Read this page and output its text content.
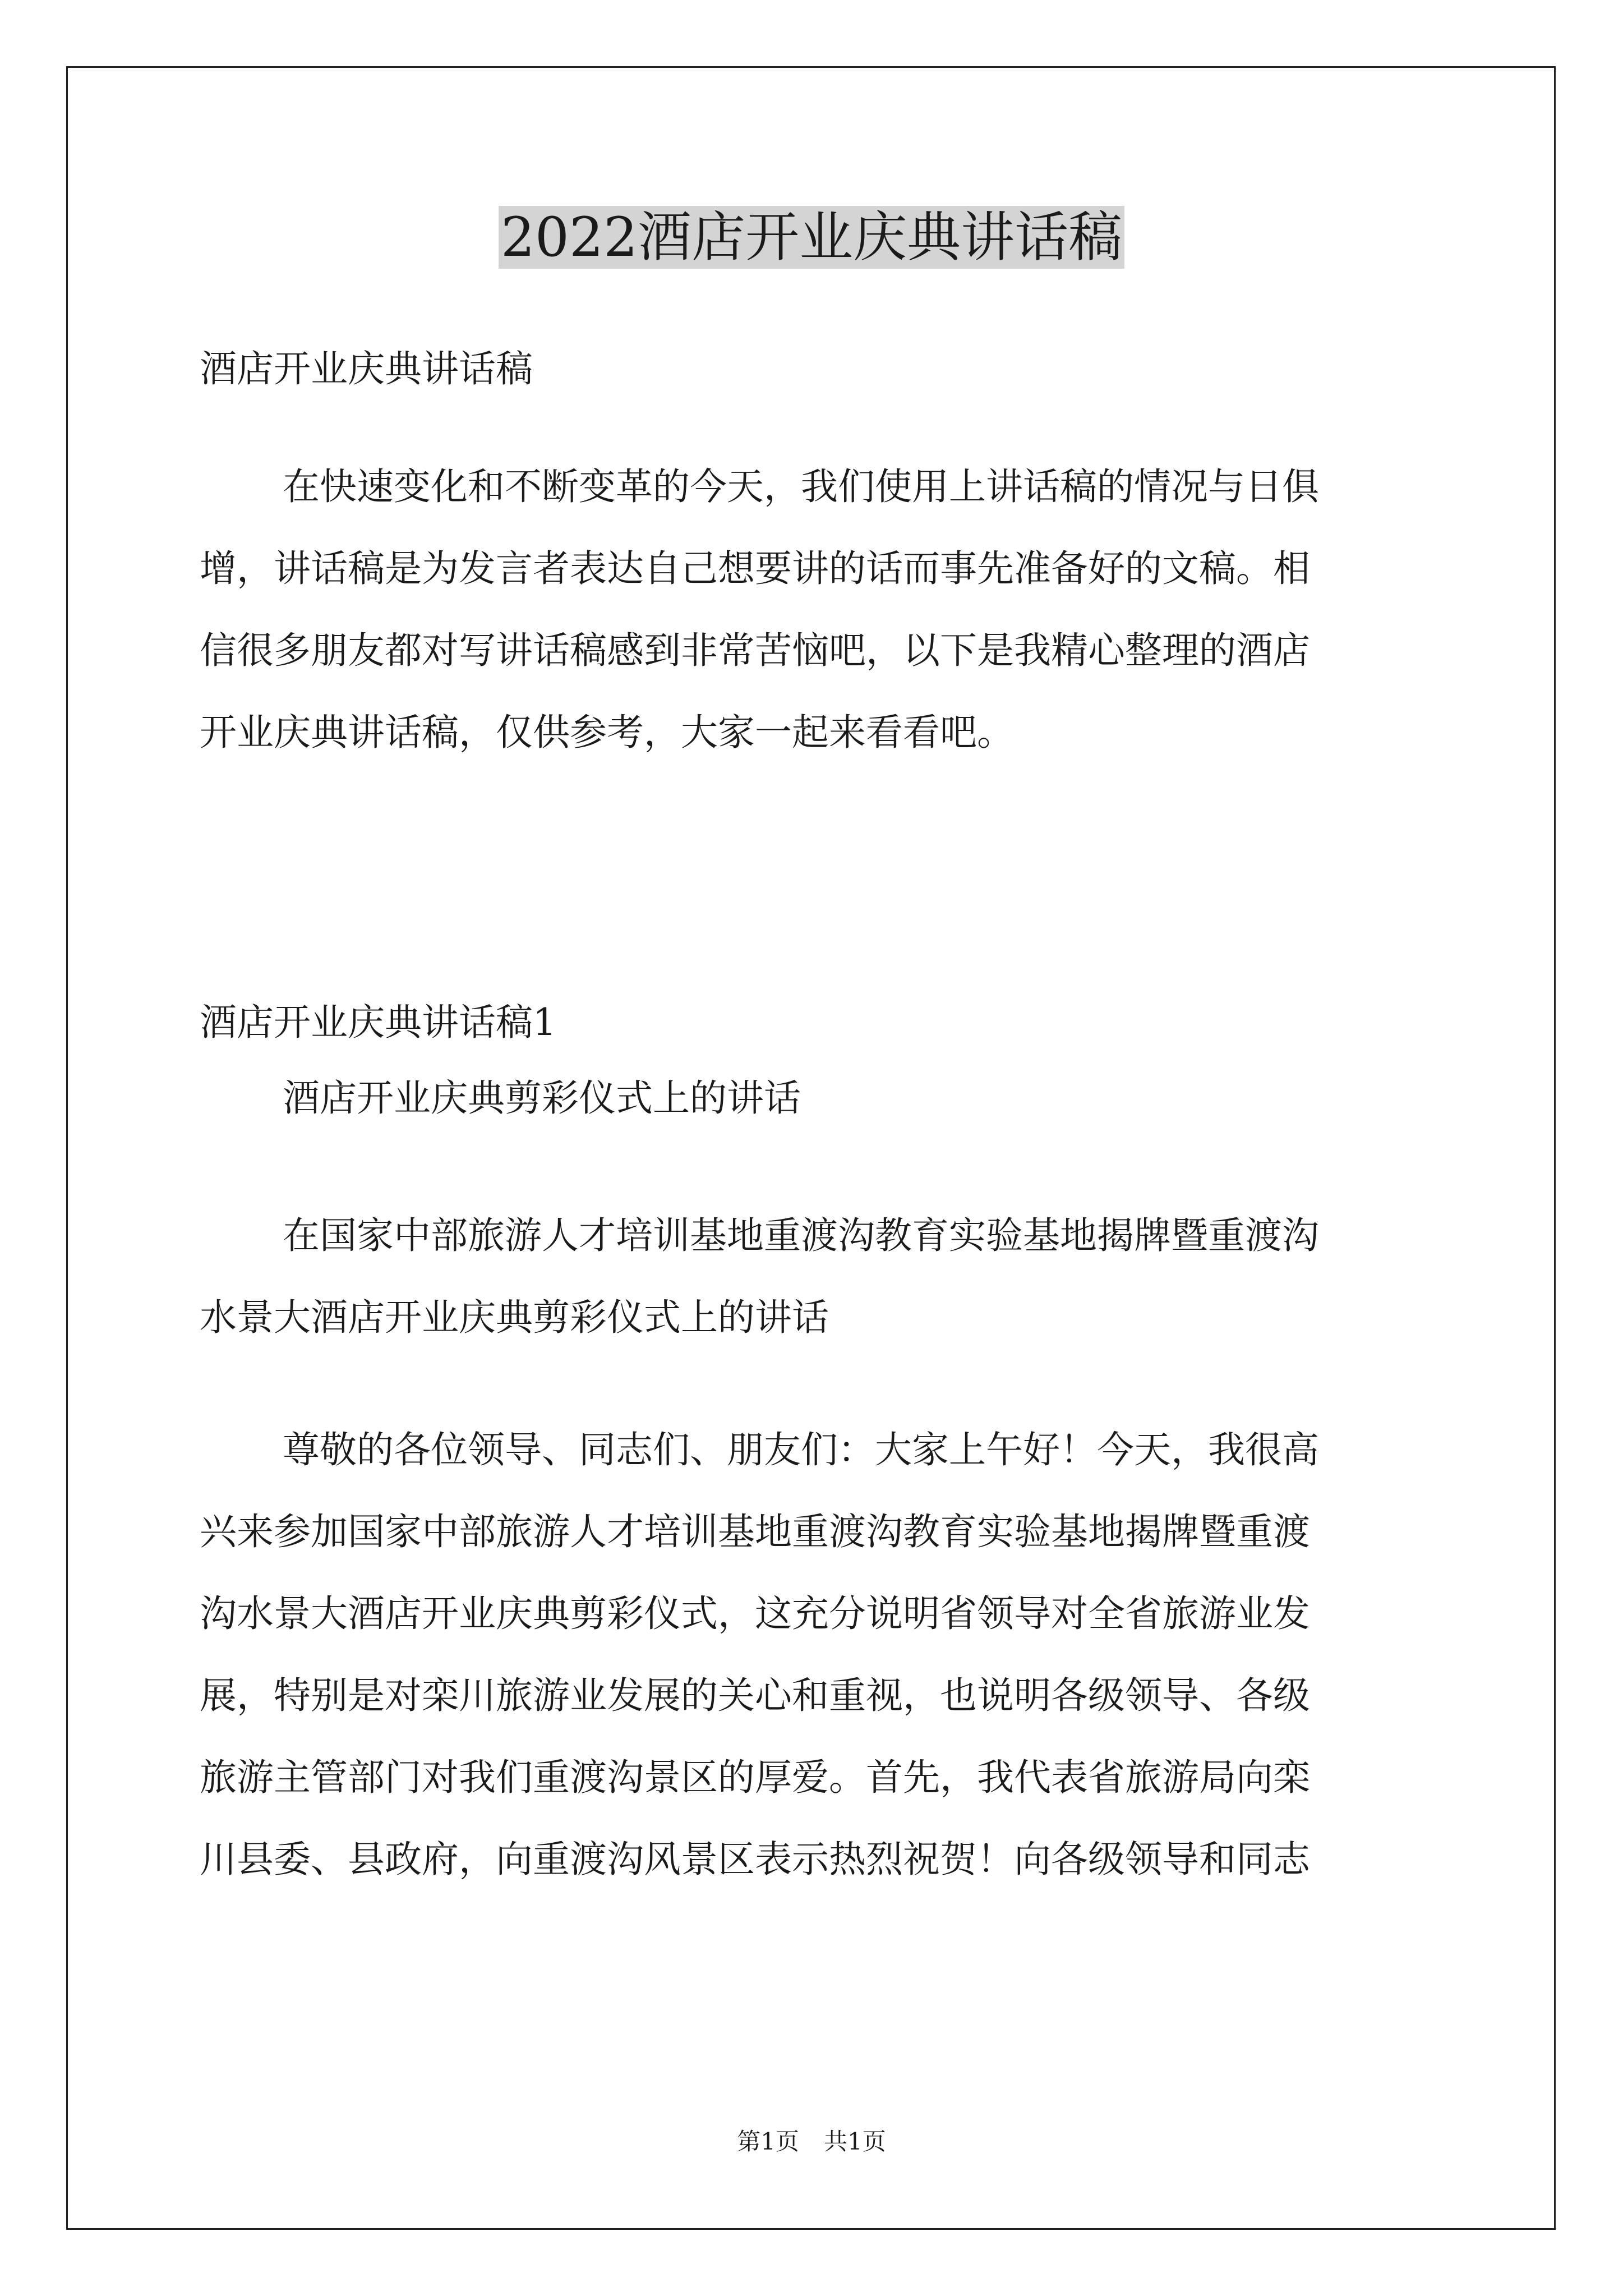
2022酒店开业庆典讲话稿

酒店开业庆典讲话稿

在快速变化和不断变革的今天，我们使用上讲话稿的情况与日俱
增，讲话稿是为发言者表达自己想要讲的话而事先准备好的文稿。相
信很多朋友都对写讲话稿感到非常苦恼吧，以下是我精心整理的酒店
开业庆典讲话稿，仅供参考，大家一起来看看吧。

酒店开业庆典讲话稿1

酒店开业庆典剪彩仪式上的讲话

在国家中部旅游人才培训基地重渡沟教育实验基地揭牌暨重渡沟
水景大酒店开业庆典剪彩仪式上的讲话
尊敬的各位领导、同志们、朋友们：大家上午好！今天，我很高
兴来参加国家中部旅游人才培训基地重渡沟教育实验基地揭牌暨重渡
沟水景大酒店开业庆典剪彩仪式，这充分说明省领导对全省旅游业发
展，特别是对栾川旅游业发展的关心和重视，也说明各级领导、各级
旅游主管部门对我们重渡沟景区的厚爱。首先，我代表省旅游局向栾
川县委、县政府，向重渡沟风景区表示热烈祝贺！向各级领导和同志
第1页 共1页
